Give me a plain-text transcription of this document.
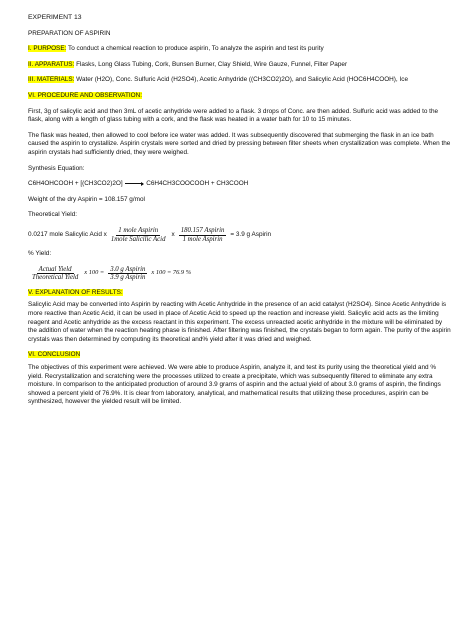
EXPERIMENT 13
PREPARATION OF ASPIRIN
I. PURPOSE: To conduct a chemical reaction to produce aspirin, To analyze the aspirin and test its purity
II. APPARATUS: Flasks, Long Glass Tubing, Cork, Bunsen Burner, Clay Shield, Wire Gauze, Funnel, Filter Paper
III. MATERIALS: Water (H2O), Conc. Sulfuric Acid (H2SO4), Acetic Anhydride ((CH3CO2)2O), and Salicylic Acid (HOC6H4COOH), Ice
VI. PROCEDURE AND OBSERVATION:
First, 3g of salicylic acid and then 3mL of acetic anhydride were added to a flask. 3 drops of Conc. are then added. Sulfuric acid was added to the flask, along with a length of glass tubing with a cork, and the flask was heated in a water bath for 10 to 15 minutes.
The flask was heated, then allowed to cool before ice water was added. It was subsequently discovered that submerging the flask in an ice bath caused the aspirin to crystallize. Aspirin crystals were sorted and dried by pressing between filter sheets when crystallization was complete. When the aspirin crystals had sufficiently dried, they were weighed.
Synthesis Equation:
C6H4OHCOOH + [(CH3CO2)2O] → C6H4CH3COOCOOH + CH3COOH
Weight of the dry Aspirin = 108.157 g/mol
Theoretical Yield:
0.0217 mole Salicylic Acid x $\frac{\text{1 mole Aspirin}}{\text{1mole Salicilic Acid}}$ x $\frac{\text{180.157 Aspirin}}{\text{1 mole Aspirin}} = 3.9$ g Aspirin
% Yield:
$\frac{\text{Actual Yield}}{\text{Theoretical Yield}}$ x $100 = \frac{\text{3.0 g Aspirin}}{\text{3.9 g Aspirin}}$ x 100 = 76.9 %
V. EXPLANATION OF RESULTS:
Salicylic Acid may be converted into Aspirin by reacting with Acetic Anhydride in the presence of an acid catalyst (H2SO4). Since Acetic Anhydride is more reactive than Acetic Acid, it can be used in place of Acetic Acid to speed up the reaction and increase yield. Salicylic acid acts as the limiting reagent and Acetic anhydride as the excess reactant in this experiment. The excess unreacted acetic anhydride in the mixture will be eliminated by the addition of water when the reaction heating phase is finished. After filtering was finished, the crystals began to form again. The purity of the aspirin crystals was then determined by computing its theoretical and% yield after it was dried and weighed.
VI. CONCLUSION
The objectives of this experiment were achieved. We were able to produce Aspirin, analyze it, and test its purity using the theoretical yield and % yield. Recrystallization and scratching were the processes utilized to create a precipitate, which was subsequently filtered to eliminate any extra moisture. In comparison to the anticipated production of around 3.9 grams of aspirin and the actual yield of about 3.0 grams of aspirin, the findings showed a percent yield of 76.9%. It is clear from laboratory, analytical, and mathematical results that utilizing these procedures, aspirin can be synthesized, however the yielded result will be limited.
